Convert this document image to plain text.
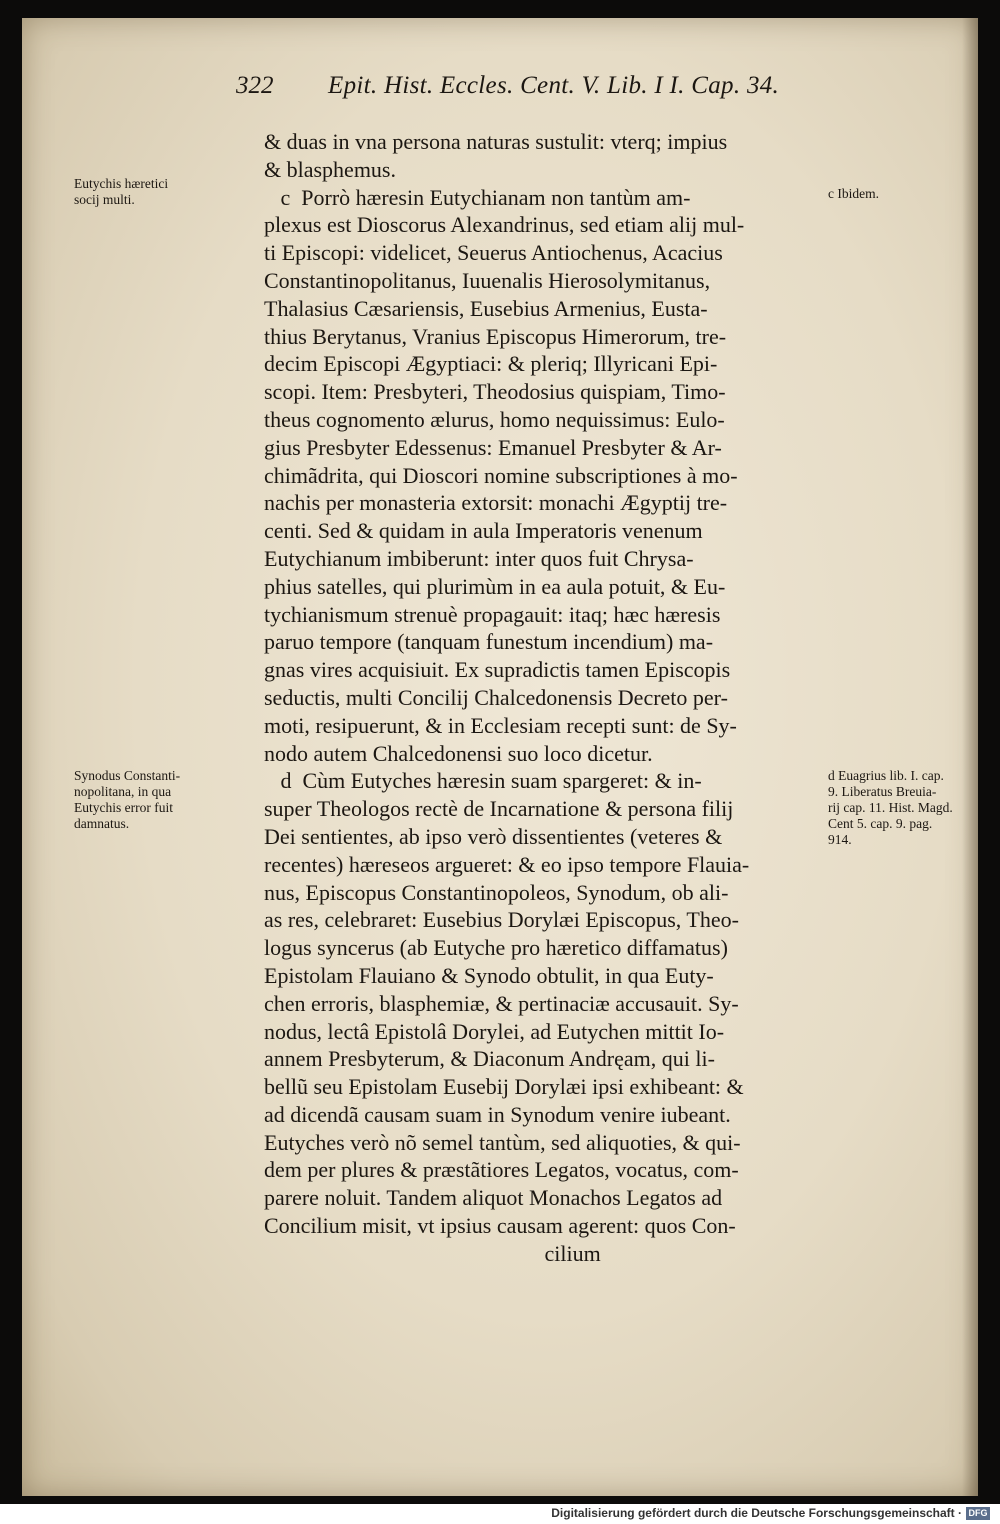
322 Epit. Hist. Eccles. Cent. V. Lib. I I. Cap. 34.
Eutychis hæretici
socij multi.
Synodus Constanti-
nopolitana, in qua
Eutychis error fuit
damnatus.
c Ibidem.
d Euagrius lib. I. cap.
9. Liberatus Breuia-
rij cap. 11. Hist. Magd.
Cent 5. cap. 9. pag.
914.
& duas in vna persona naturas sustulit: vterq; impius
& blasphemus.
c  Porrò hæresin Eutychianam non tantùm am-
plexus est Dioscorus Alexandrinus, sed etiam alij mul-
ti Episcopi: videlicet, Seuerus Antiochenus, Acacius
Constantinopolitanus, Iuuenalis Hierosolymitanus,
Thalasius Cæsariensis, Eusebius Armenius, Eusta-
thius Berytanus, Vranius Episcopus Himerorum, tre-
decim Episcopi Ægyptiaci: & pleriq; Illyricani Epi-
scopi. Item: Presbyteri, Theodosius quispiam, Timo-
theus cognomento ælurus, homo nequissimus: Eulo-
gius Presbyter Edessenus: Emanuel Presbyter & Ar-
chimãdrita, qui Dioscori nomine subscriptiones à mo-
nachis per monasteria extorsit: monachi Ægyptij tre-
centi. Sed & quidam in aula Imperatoris venenum
Eutychianum imbiberunt: inter quos fuit Chrysa-
phius satelles, qui plurimùm in ea aula potuit, & Eu-
tychianismum strenuè propagauit: itaq; hæc hæresis
paruo tempore (tanquam funestum incendium) ma-
gnas vires acquisiuit. Ex supradictis tamen Episcopis
seductis, multi Concilij Chalcedonensis Decreto per-
moti, resipuerunt, & in Ecclesiam recepti sunt: de Sy-
nodo autem Chalcedonensi suo loco dicetur.
d  Cùm Eutyches hæresin suam spargeret: & in-
super Theologos rectè de Incarnatione & persona filij
Dei sentientes, ab ipso verò dissentientes (veteres &
recentes) hæreseos argueret: & eo ipso tempore Flauia-
nus, Episcopus Constantinopoleos, Synodum, ob ali-
as res, celebraret: Eusebius Dorylæi Episcopus, Theo-
logus syncerus (ab Eutyche pro hæretico diffamatus)
Epistolam Flauiano & Synodo obtulit, in qua Euty-
chen erroris, blasphemiæ, & pertinaciæ accusauit. Sy-
nodus, lectâ Epistolâ Dorylei, ad Eutychen mittit Io-
annem Presbyterum, & Diaconum Andręam, qui li-
bellũ seu Epistolam Eusebij Dorylæi ipsi exhibeant: &
ad dicendã causam suam in Synodum venire iubeant.
Eutyches verò nõ semel tantùm, sed aliquoties, & qui-
dem per plures & præstãtiores Legatos, vocatus, com-
parere noluit. Tandem aliquot Monachos Legatos ad
Concilium misit, vt ipsius causam agerent: quos Con-
cilium
Digitalisierung gefördert durch die Deutsche Forschungsgemeinschaft · DFG
